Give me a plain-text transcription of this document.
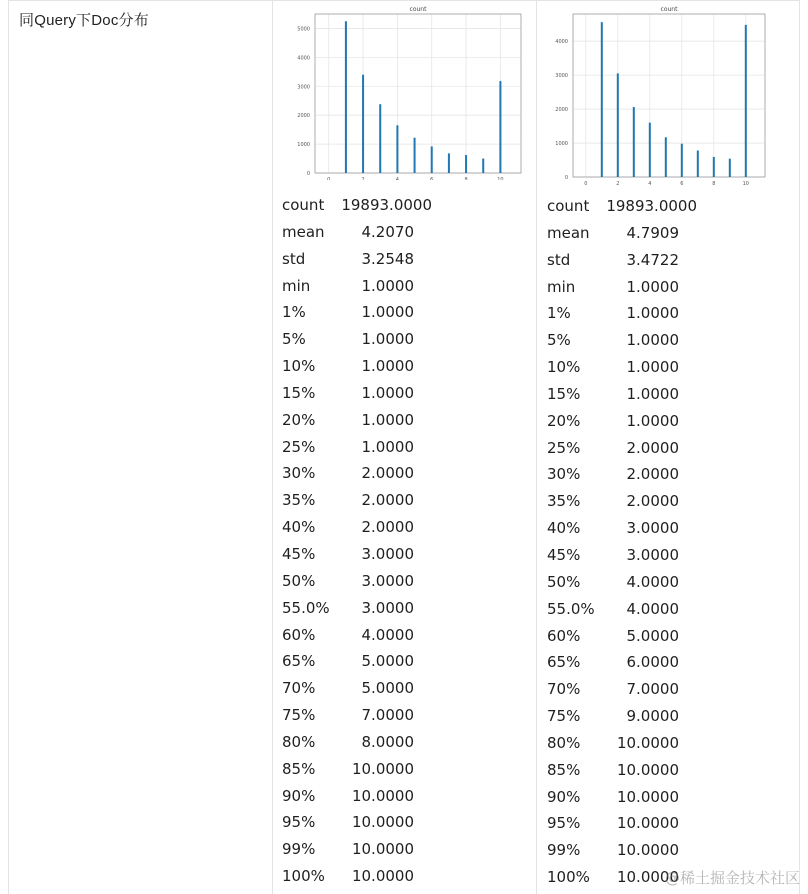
同Query下Doc分布
count
0
1000
2000
3000
4000
5000
0	2	4	6	8	10
count
0
1000
2000
3000
4000
0	2	4	6	8	10
count 19893.0000
mean 4.2070
std	3.2548
min	1.0000
1%	1.0000
5%	1.0000
10%	1.0000
15%	1.0000
20%	1.0000
25%	1.0000
30%	2.0000
35%	2.0000
40%	2.0000
45%	3.0000
50%	3.0000
55.0% 3.0000
60%	4.0000
65%	5.0000
70%	5.0000
75%	7.0000
80%	8.0000
85% 10.0000
90% 10.0000
95% 10.0000
99% 10.0000
100% 10.0000
count 19893.0000
mean 4.7909
std	3.4722
min	1.0000
1%	1.0000
5%	1.0000
10%	1.0000
15%	1.0000
20%	1.0000
25%	2.0000
30%	2.0000
35%	2.0000
40%	3.0000
45%	3.0000
50%	4.0000
55.0% 4.0000
60%	5.0000
65%	6.0000
70%	7.0000
75%	9.0000
80% 10.0000
85% 10.0000
90% 10.0000
95% 10.0000
99% 10.0000
100% 10.0000
@稀土掘金技术社区
